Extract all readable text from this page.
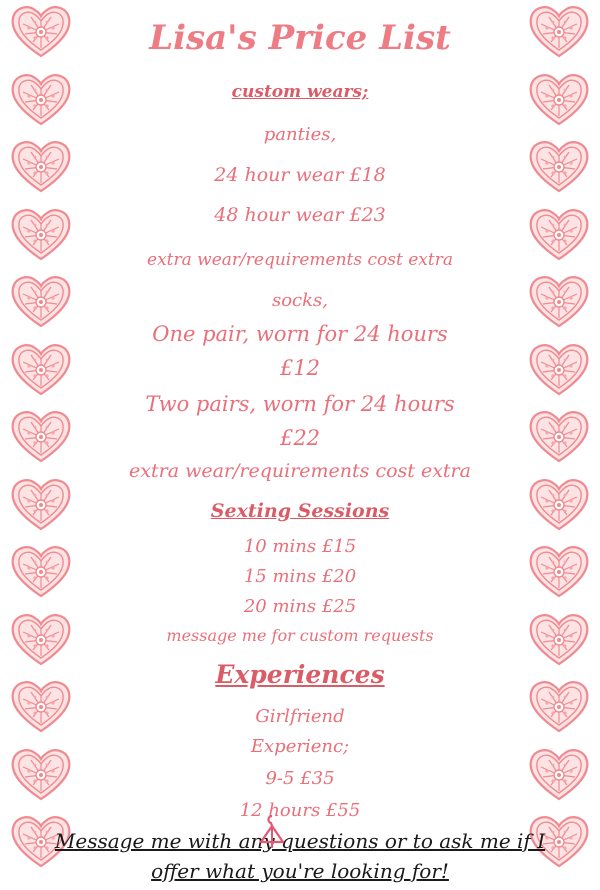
Lisa's Price List
custom wears;
panties,
24 hour wear £18
48 hour wear £23
extra wear/requirements cost extra
socks,
One pair, worn for 24 hours
£12
Two pairs, worn for 24 hours
£22
extra wear/requirements cost extra
Sexting Sessions
10 mins £15
15 mins £20
20 mins £25
message me for custom requests
Experiences
Girlfriend
Experienc;
9-5 £35
12 hours £55
Message me with any questions or to ask me if I
offer what you're looking for!
